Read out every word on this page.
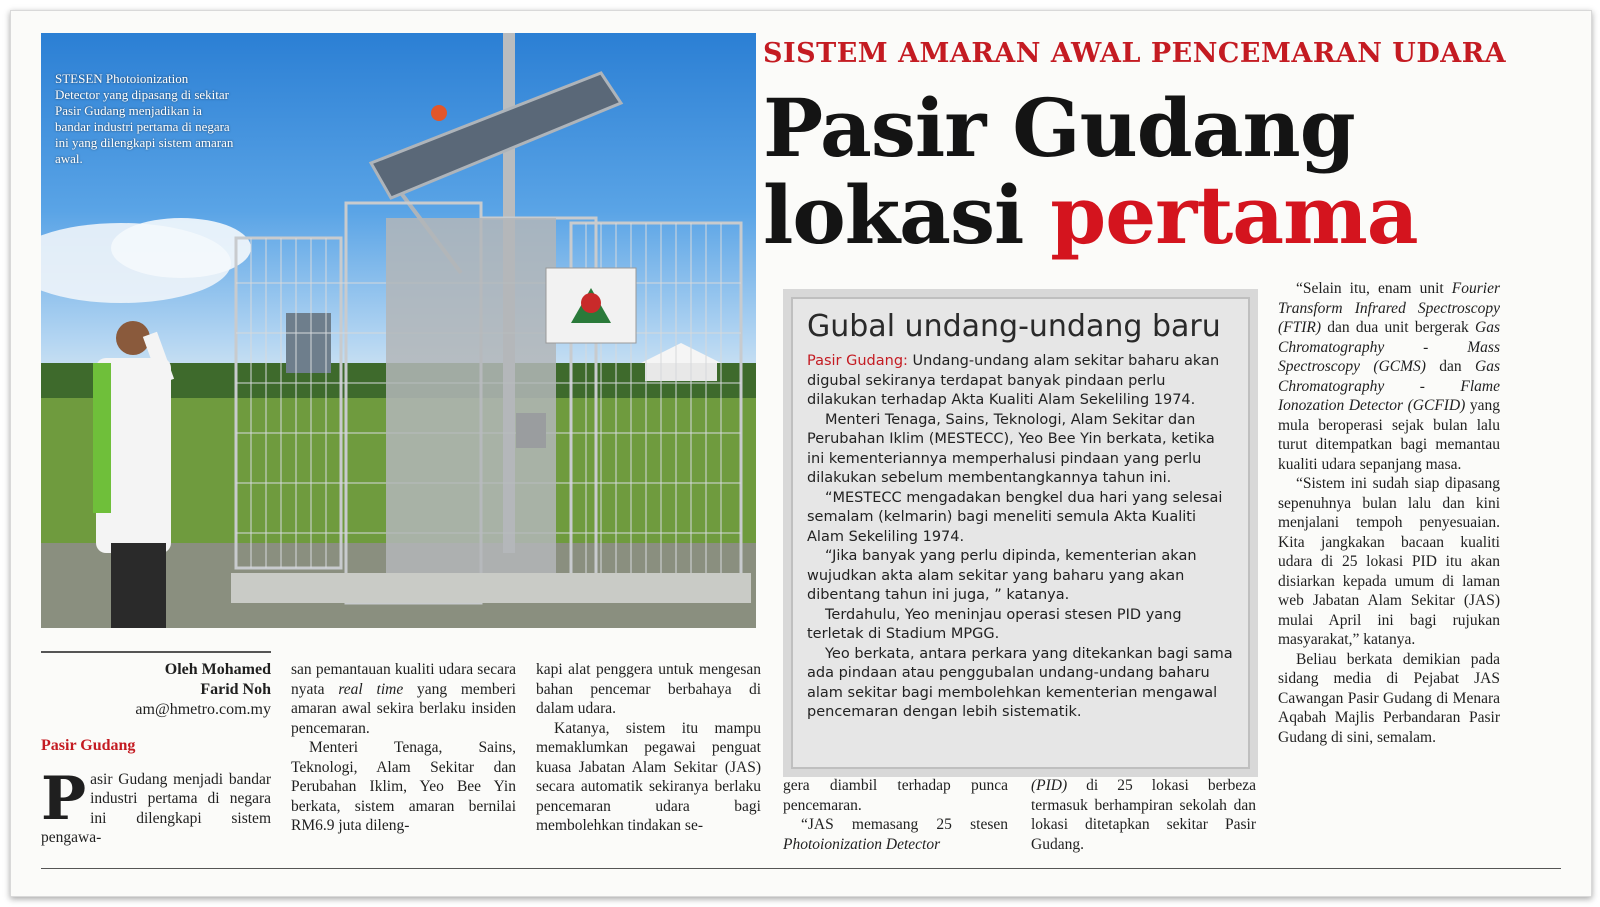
STESEN Photoionization Detector yang dipasang di sekitar Pasir Gudang menjadikan ia bandar industri pertama di negara ini yang dilengkapi sistem amaran awal.
SISTEM AMARAN AWAL PENCEMARAN UDARA
Pasir Gudang
lokasi pertama
Gubal undang-undang baru

Pasir Gudang: Undang-undang alam sekitar baharu akan digubal sekiranya terdapat banyak pindaan perlu dilakukan terhadap Akta Kualiti Alam Sekeliling 1974.

Menteri Tenaga, Sains, Teknologi, Alam Sekitar dan Perubahan Iklim (MESTECC), Yeo Bee Yin berkata, ketika ini kementeriannya memperhalusi pindaan yang perlu dilakukan sebelum membentangkannya tahun ini.

“MESTECC mengadakan bengkel dua hari yang selesai semalam (kelmarin) bagi meneliti semula Akta Kualiti Alam Sekeliling 1974.

“Jika banyak yang perlu dipinda, kementerian akan wujudkan akta alam sekitar yang baharu yang akan dibentang tahun ini juga, ” katanya.

Terdahulu, Yeo meninjau operasi stesen PID yang terletak di Stadium MPGG.

Yeo berkata, antara perkara yang ditekankan bagi sama ada pindaan atau penggubalan undang-undang baharu alam sekitar bagi membolehkan kementerian mengawal pencemaran dengan lebih sistematik.

Oleh Mohamed
Farid Noh
am@hmetro.com.my
Pasir Gudang

Pasir Gudang menjadi bandar industri pertama di negara ini dilengkapi sistem pengawa-

san pemantauan kualiti udara secara nyata real time yang memberi amaran awal sekira berlaku insiden pencemaran.

Menteri Tenaga, Sains, Teknologi, Alam Sekitar dan Perubahan Iklim, Yeo Bee Yin berkata, sistem amaran bernilai RM6.9 juta dileng-

kapi alat penggera untuk mengesan bahan pencemar berbahaya di dalam udara.

Katanya, sistem itu mampu memaklumkan pegawai penguat kuasa Jabatan Alam Sekitar (JAS) secara automatik sekiranya berlaku pencemaran udara bagi membolehkan tindakan se-

gera diambil terhadap puncа pencemaran.

“JAS memasang 25 stesen Photoionization Detector

(PID) di 25 lokasi berbeza termasuk berhampiran sekolah dan lokasi ditetapkan sekitar Pasir Gudang.

“Selain itu, enam unit Fourier Transform Infrared Spectroscopy (FTIR) dan dua unit bergerak Gas Chromatography - Mass Spectroscopy (GCMS) dan Gas Chromatography - Flame Ionozation Detector (GCFID) yang mula beroperasi sejak bulan lalu turut ditempatkan bagi memantau kualiti udara sepanjang masa.

“Sistem ini sudah siap dipasang sepenuhnya bulan lalu dan kini menjalani tempoh penyesuaian. Kita jangkakan bacaan kualiti udara di 25 lokasi PID itu akan disiarkan kepada umum di laman web Jabatan Alam Sekitar (JAS) mulai April ini bagi rujukan masyarakat,” katanya.

Beliau berkata demikian pada sidang media di Pejabat JAS Cawangan Pasir Gudang di Menara Aqabah Majlis Perbandaran Pasir Gudang di sini, semalam.
